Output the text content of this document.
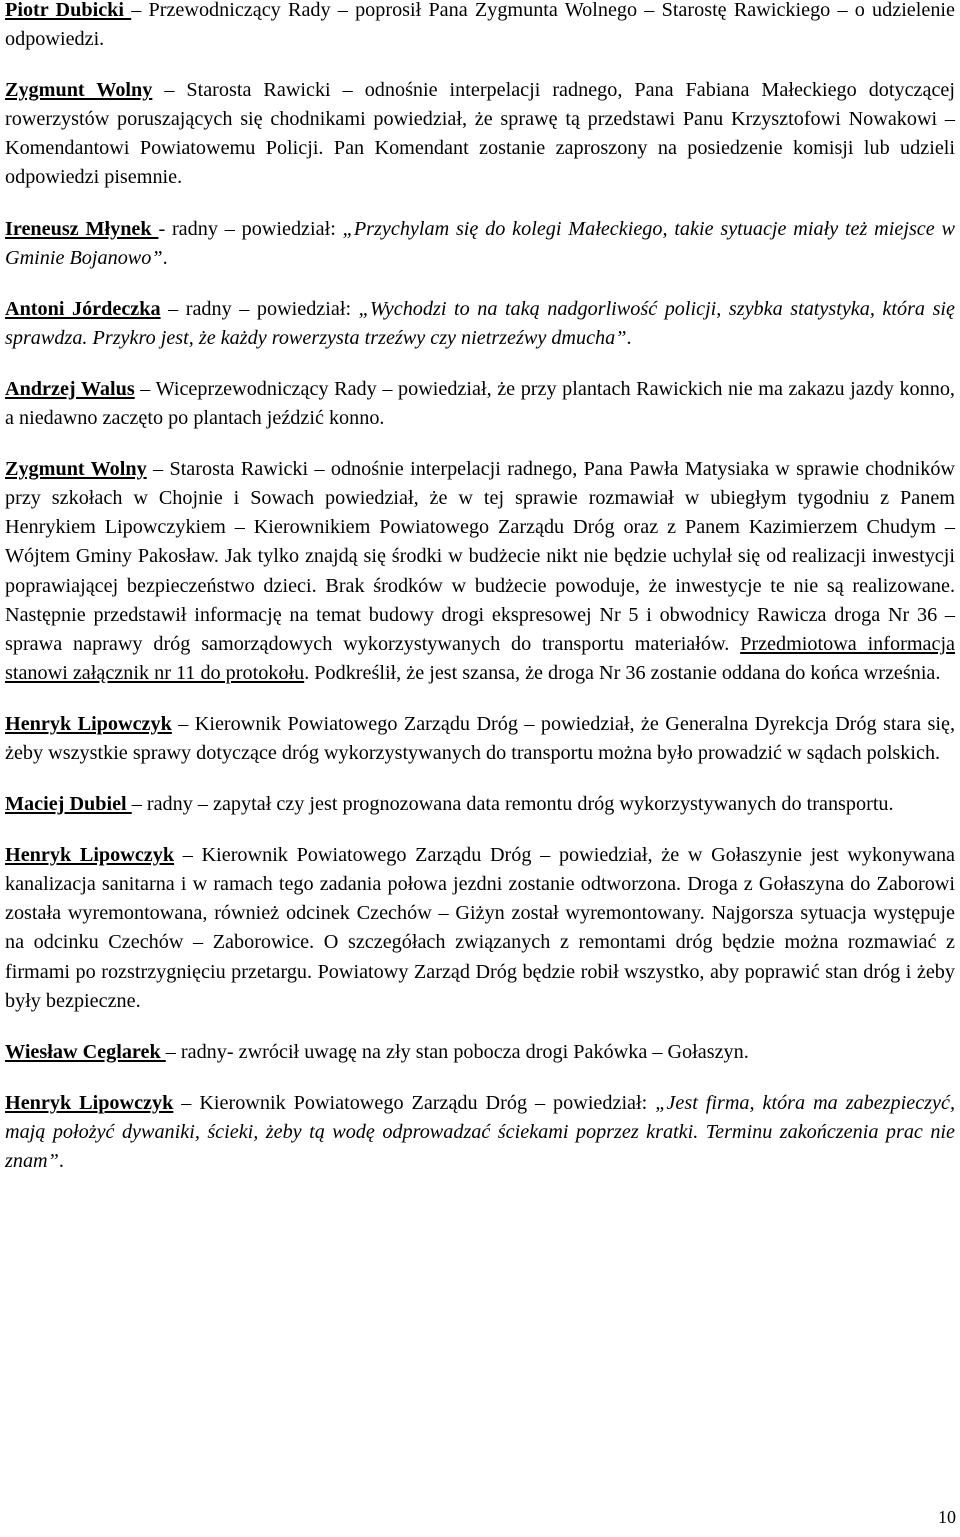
Piotr Dubicki – Przewodniczący Rady – poprosił Pana Zygmunta Wolnego – Starostę Rawickiego – o udzielenie odpowiedzi.

Zygmunt Wolny – Starosta Rawicki – odnośnie interpelacji radnego, Pana Fabiana Małeckiego dotyczącej rowerzystów poruszających się chodnikami powiedział, że sprawę tą przedstawi Panu Krzysztofowi Nowakowi – Komendantowi Powiatowemu Policji. Pan Komendant zostanie zaproszony na posiedzenie komisji lub udzieli odpowiedzi pisemnie.

Ireneusz Młynek - radny – powiedział: „Przychylam się do kolegi Małeckiego, takie sytuacje miały też miejsce w Gminie Bojanowo”.

Antoni Jórdeczka – radny – powiedział: „Wychodzi to na taką nadgorliwość policji, szybka statystyka, która się sprawdza. Przykro jest, że każdy rowerzysta trzeźwy czy nietrzeźwy dmucha”.

Andrzej Walus – Wiceprzewodniczący Rady – powiedział, że przy plantach Rawickich nie ma zakazu jazdy konno, a niedawno zaczęto po plantach jeździć konno.

Zygmunt Wolny – Starosta Rawicki – odnośnie interpelacji radnego, Pana Pawła Matysiaka w sprawie chodników przy szkołach w Chojnie i Sowach powiedział, że w tej sprawie rozmawiał w ubiegłym tygodniu z Panem Henrykiem Lipowczykiem – Kierownikiem Powiatowego Zarządu Dróg oraz z Panem Kazimierzem Chudym – Wójtem Gminy Pakosław. Jak tylko znajdą się środki w budżecie nikt nie będzie uchylał się od realizacji inwestycji poprawiającej bezpieczeństwo dzieci. Brak środków w budżecie powoduje, że inwestycje te nie są realizowane. Następnie przedstawił informację na temat budowy drogi ekspresowej Nr 5 i obwodnicy Rawicza droga Nr 36 – sprawa naprawy dróg samorządowych wykorzystywanych do transportu materiałów. Przedmiotowa informacja stanowi załącznik nr 11 do protokołu. Podkreślił, że jest szansa, że droga Nr 36 zostanie oddana do końca września.

Henryk Lipowczyk – Kierownik Powiatowego Zarządu Dróg – powiedział, że Generalna Dyrekcja Dróg stara się, żeby wszystkie sprawy dotyczące dróg wykorzystywanych do transportu można było prowadzić w sądach polskich.

Maciej Dubiel – radny – zapytał czy jest prognozowana data remontu dróg wykorzystywanych do transportu.

Henryk Lipowczyk – Kierownik Powiatowego Zarządu Dróg – powiedział, że w Gołaszynie jest wykonywana kanalizacja sanitarna i w ramach tego zadania połowa jezdni zostanie odtworzona. Droga z Gołaszyna do Zaborowi została wyremontowana, również odcinek Czechów – Giżyn został wyremontowany. Najgorsza sytuacja występuje na odcinku Czechów – Zaborowice. O szczegółach związanych z remontami dróg będzie można rozmawiać z firmami po rozstrzygnięciu przetargu. Powiatowy Zarząd Dróg będzie robił wszystko, aby poprawić stan dróg i żeby były bezpieczne.

Wiesław Ceglarek – radny- zwrócił uwagę na zły stan pobocza drogi Pakówka – Gołaszyn.

Henryk Lipowczyk – Kierownik Powiatowego Zarządu Dróg – powiedział: „Jest firma, która ma zabezpieczyć, mają położyć dywaniki, ścieki, żeby tą wodę odprowadzać ściekami poprzez kratki. Terminu zakończenia prac nie znam”.

10
